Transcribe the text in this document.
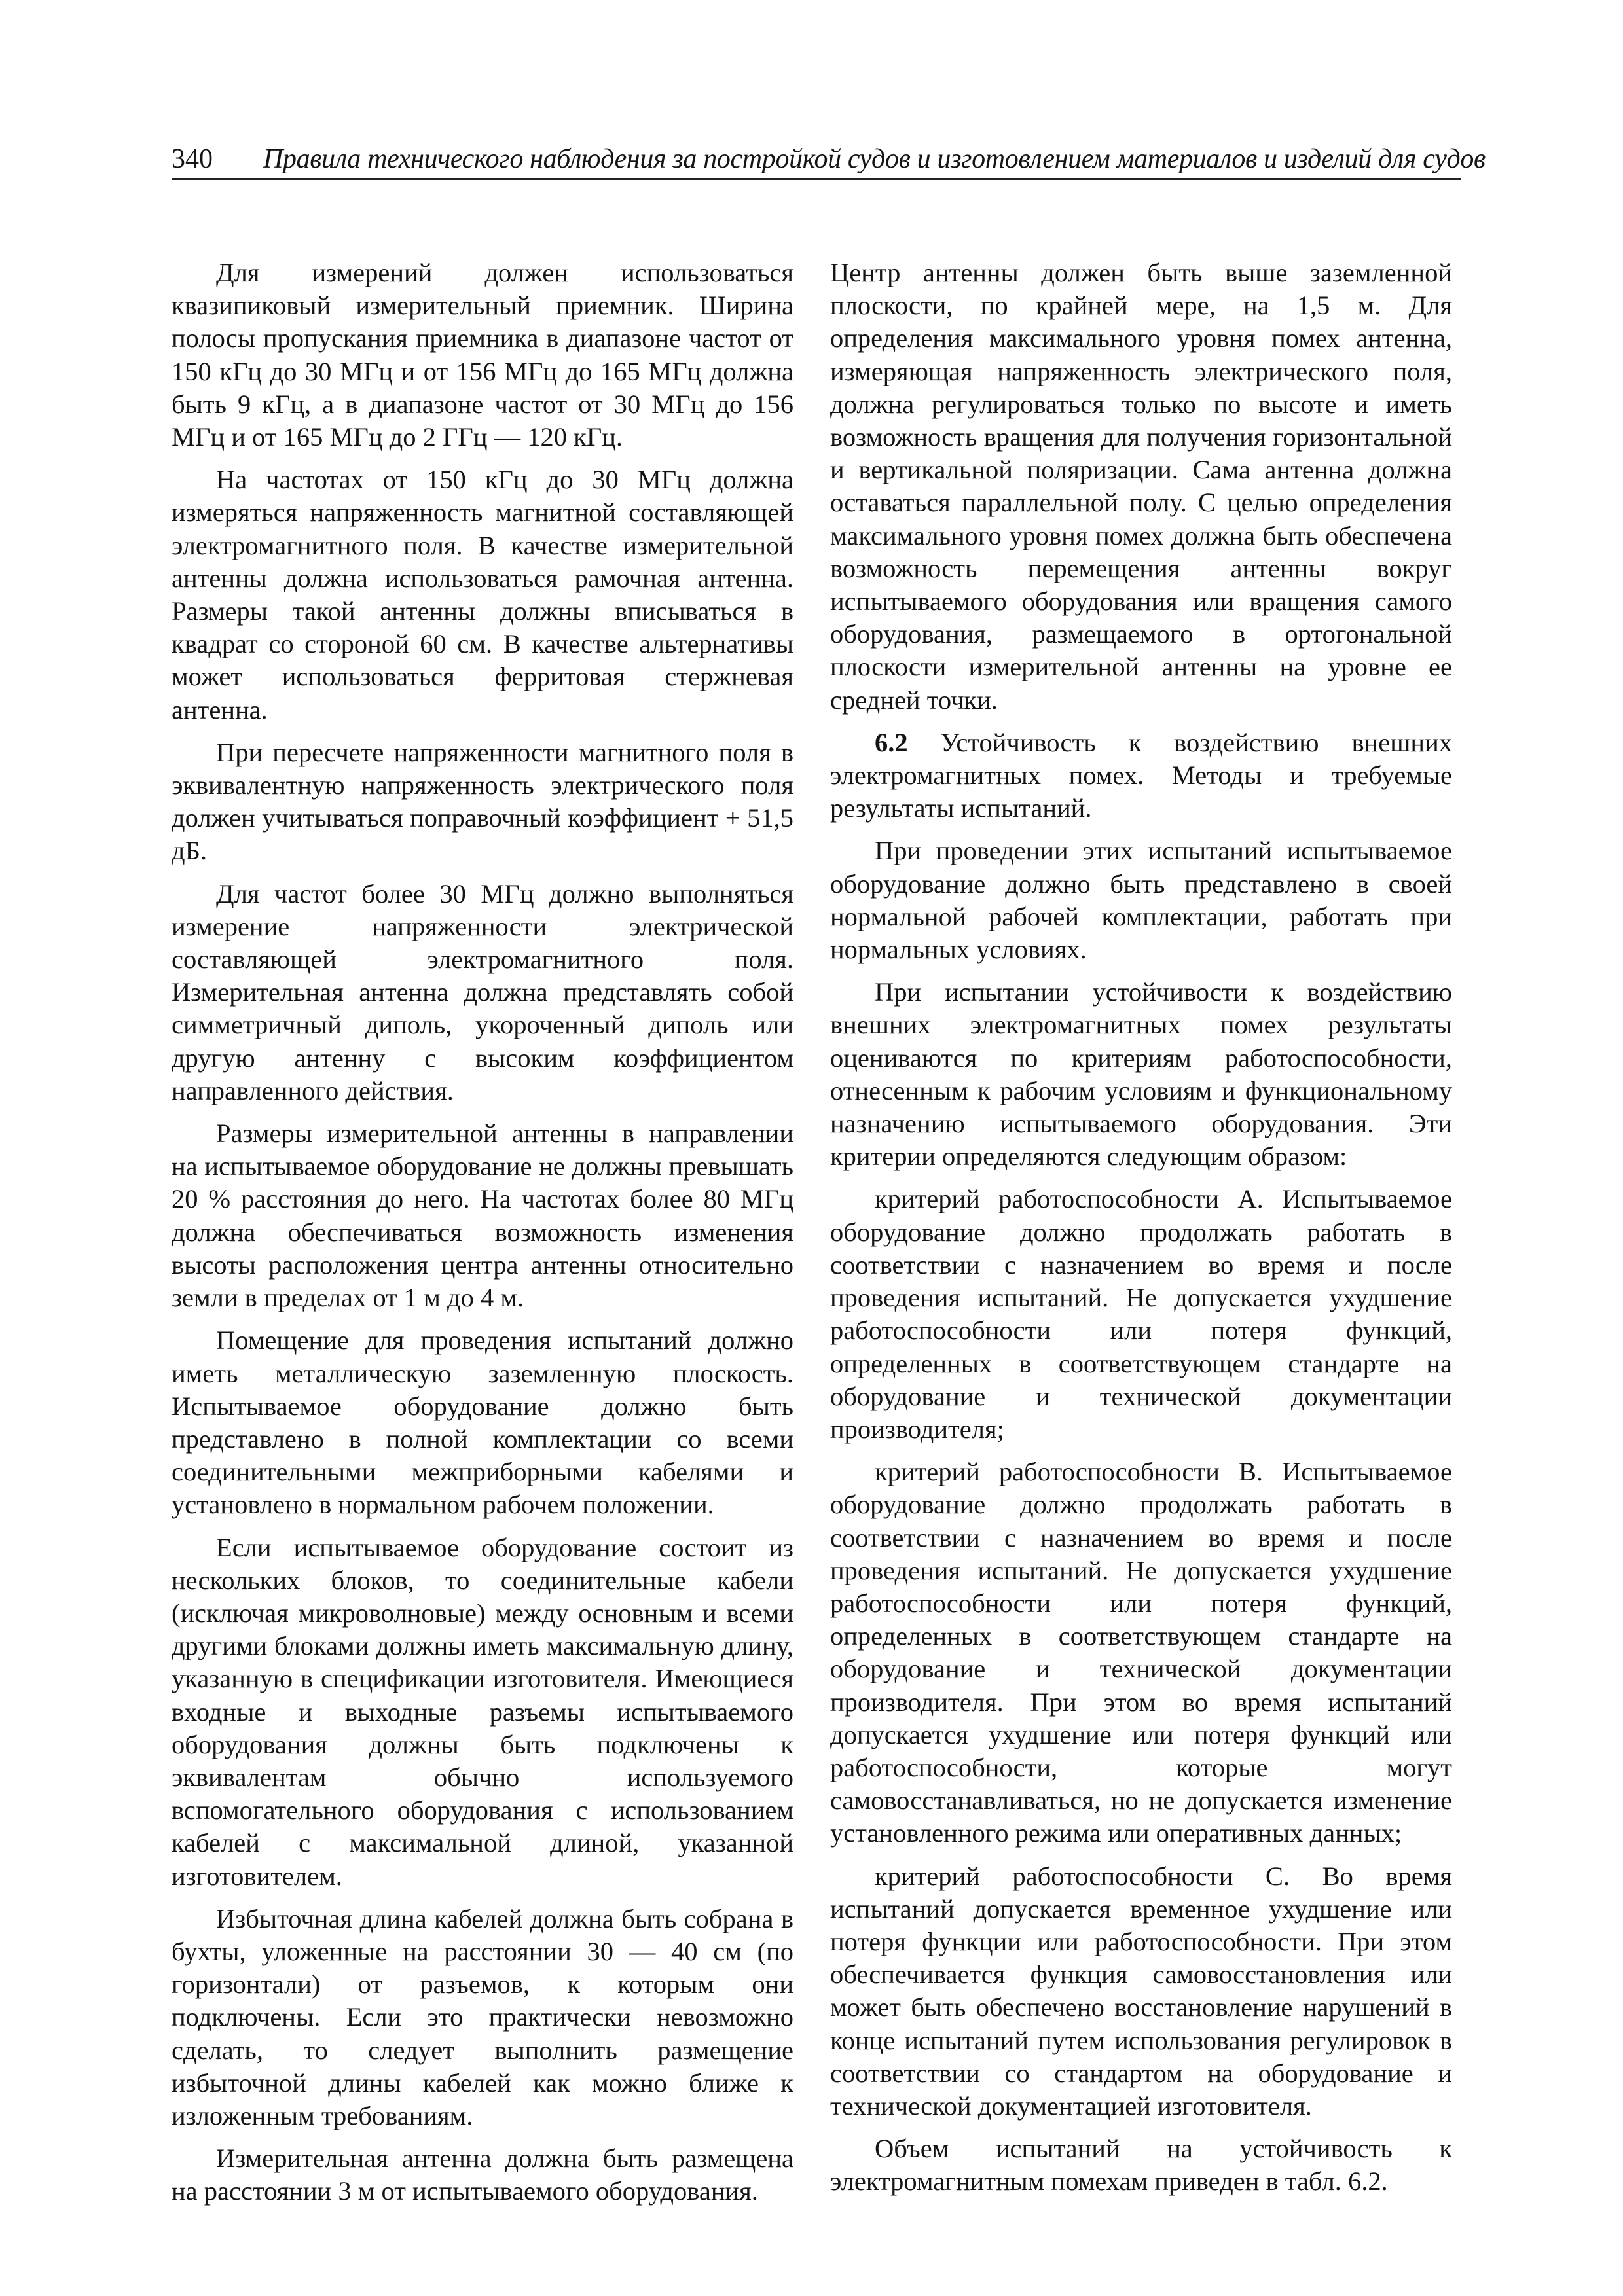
340 Правила технического наблюдения за постройкой судов и изготовлением материалов и изделий для судов

Для измерений должен использоваться квазипиковый измерительный приемник. Ширина полосы пропускания приемника в диапазоне частот от 150 кГц до 30 МГц и от 156 МГц до 165 МГц должна быть 9 кГц, а в диапазоне частот от 30 МГц до 156 МГц и от 165 МГц до 2 ГГц — 120 кГц.

На частотах от 150 кГц до 30 МГц должна измеряться напряженность магнитной составляющей электромагнитного поля. В качестве измерительной антенны должна использоваться рамочная антенна. Размеры такой антенны должны вписываться в квадрат со стороной 60 см. В качестве альтернативы может использоваться ферритовая стержневая антенна.

При пересчете напряженности магнитного поля в эквивалентную напряженность электрического поля должен учитываться поправочный коэффициент + 51,5 дБ.

Для частот более 30 МГц должно выполняться измерение напряженности электрической составляющей электромагнитного поля. Измерительная антенна должна представлять собой симметричный диполь, укороченный диполь или другую антенну с высоким коэффициентом направленного действия.

Размеры измерительной антенны в направлении на испытываемое оборудование не должны превышать 20 % расстояния до него. На частотах более 80 МГц должна обеспечиваться возможность изменения высоты расположения центра антенны относительно земли в пределах от 1 м до 4 м.

Помещение для проведения испытаний должно иметь металлическую заземленную плоскость. Испытываемое оборудование должно быть представлено в полной комплектации со всеми соединительными межприборными кабелями и установлено в нормальном рабочем положении.

Если испытываемое оборудование состоит из нескольких блоков, то соединительные кабели (исключая микроволновые) между основным и всеми другими блоками должны иметь максимальную длину, указанную в спецификации изготовителя. Имеющиеся входные и выходные разъемы испытываемого оборудования должны быть подключены к эквивалентам обычно используемого вспомогательного оборудования с использованием кабелей с максимальной длиной, указанной изготовителем.

Избыточная длина кабелей должна быть собрана в бухты, уложенные на расстоянии 30 — 40 см (по горизонтали) от разъемов, к которым они подключены. Если это практически невозможно сделать, то следует выполнить размещение избыточной длины кабелей как можно ближе к изложенным требованиям.

Измерительная антенна должна быть размещена на расстоянии 3 м от испытываемого оборудования.

Центр антенны должен быть выше заземленной плоскости, по крайней мере, на 1,5 м. Для определения максимального уровня помех антенна, измеряющая напряженность электрического поля, должна регулироваться только по высоте и иметь возможность вращения для получения горизонтальной и вертикальной поляризации. Сама антенна должна оставаться параллельной полу. С целью определения максимального уровня помех должна быть обеспечена возможность перемещения антенны вокруг испытываемого оборудования или вращения самого оборудования, размещаемого в ортогональной плоскости измерительной антенны на уровне ее средней точки.

6.2 Устойчивость к воздействию внешних электромагнитных помех. Методы и требуемые результаты испытаний.

При проведении этих испытаний испытываемое оборудование должно быть представлено в своей нормальной рабочей комплектации, работать при нормальных условиях.

При испытании устойчивости к воздействию внешних электромагнитных помех результаты оцениваются по критериям работоспособности, отнесенным к рабочим условиям и функциональному назначению испытываемого оборудования. Эти критерии определяются следующим образом:

критерий работоспособности А. Испытываемое оборудование должно продолжать работать в соответствии с назначением во время и после проведения испытаний. Не допускается ухудшение работоспособности или потеря функций, определенных в соответствующем стандарте на оборудование и технической документации производителя;

критерий работоспособности В. Испытываемое оборудование должно продолжать работать в соответствии с назначением во время и после проведения испытаний. Не допускается ухудшение работоспособности или потеря функций, определенных в соответствующем стандарте на оборудование и технической документации производителя. При этом во время испытаний допускается ухудшение или потеря функций или работоспособности, которые могут самовосстанавливаться, но не допускается изменение установленного режима или оперативных данных;

критерий работоспособности С. Во время испытаний допускается временное ухудшение или потеря функции или работоспособности. При этом обеспечивается функция самовосстановления или может быть обеспечено восстановление нарушений в конце испытаний путем использования регулировок в соответствии со стандартом на оборудование и технической документацией изготовителя.

Объем испытаний на устойчивость к электромагнитным помехам приведен в табл. 6.2.
